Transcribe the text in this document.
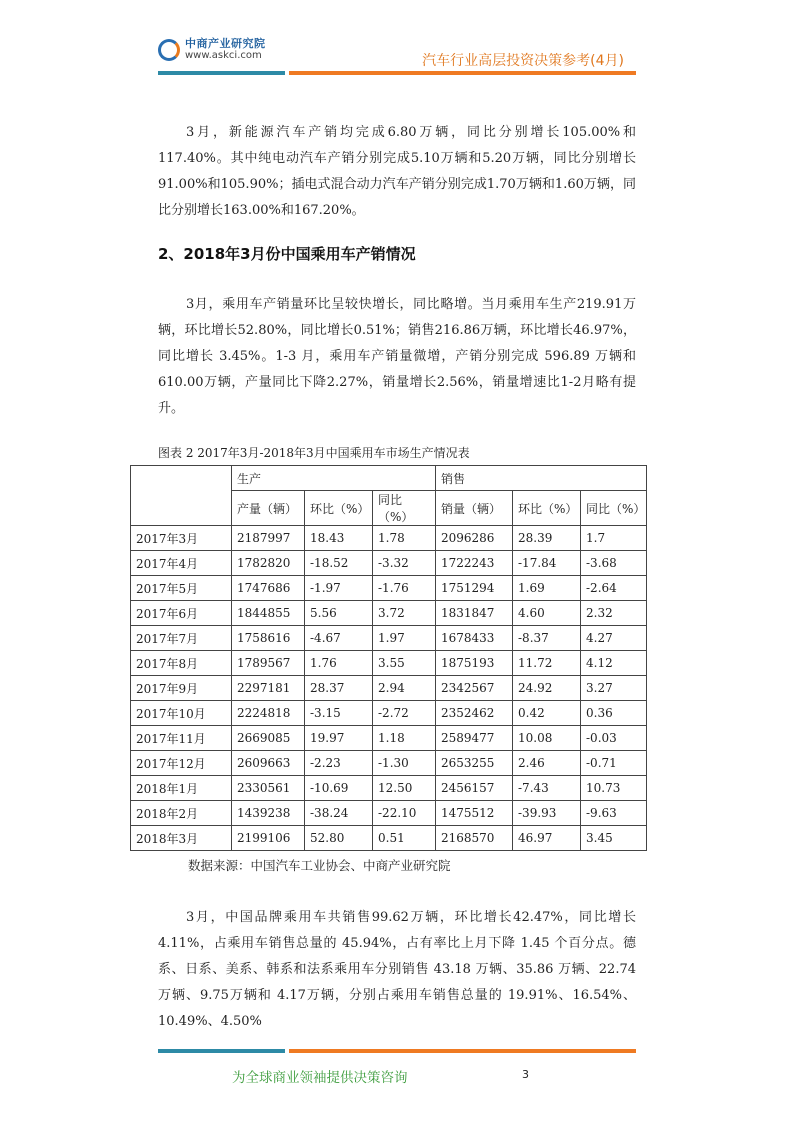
中商产业研究院
www.askci.com	汽车行业高层投资决策参考(4月)

3月，新能源汽车产销均完成6.80万辆，同比分别增长105.00%和117.40%。其中纯电动汽车产销分别完成5.10万辆和5.20万辆，同比分别增长91.00%和105.90%；插电式混合动力汽车产销分别完成1.70万辆和1.60万辆，同比分别增长163.00%和167.20%。

2、2018年3月份中国乘用车产销情况

3月，乘用车产销量环比呈较快增长，同比略增。当月乘用车生产219.91万辆，环比增长52.80%，同比增长0.51%；销售216.86万辆，环比增长46.97%，同比增长 3.45%。1-3 月，乘用车产销量微增，产销分别完成 596.89 万辆和610.00万辆，产量同比下降2.27%，销量增长2.56%，销量增速比1-2月略有提升。

图表 2 2017年3月-2018年3月中国乘用车市场生产情况表
	生产			销售		
	产量（辆）	环比（%）	同比（%）	销量（辆）	环比（%）	同比（%）
2017年3月	2187997	18.43	1.78	2096286	28.39	1.7
2017年4月	1782820	-18.52	-3.32	1722243	-17.84	-3.68
2017年5月	1747686	-1.97	-1.76	1751294	1.69	-2.64
2017年6月	1844855	5.56	3.72	1831847	4.60	2.32
2017年7月	1758616	-4.67	1.97	1678433	-8.37	4.27
2017年8月	1789567	1.76	3.55	1875193	11.72	4.12
2017年9月	2297181	28.37	2.94	2342567	24.92	3.27
2017年10月	2224818	-3.15	-2.72	2352462	0.42	0.36
2017年11月	2669085	19.97	1.18	2589477	10.08	-0.03
2017年12月	2609663	-2.23	-1.30	2653255	2.46	-0.71
2018年1月	2330561	-10.69	12.50	2456157	-7.43	10.73
2018年2月	1439238	-38.24	-22.10	1475512	-39.93	-9.63
2018年3月	2199106	52.80	0.51	2168570	46.97	3.45
数据来源：中国汽车工业协会、中商产业研究院

3月，中国品牌乘用车共销售99.62万辆，环比增长42.47%，同比增长4.11%，占乘用车销售总量的 45.94%，占有率比上月下降 1.45 个百分点。德系、日系、美系、韩系和法系乘用车分别销售 43.18 万辆、35.86 万辆、22.74 万辆、9.75万辆和 4.17万辆，分别占乘用车销售总量的 19.91%、16.54%、10.49%、4.50%

为全球商业领袖提供决策咨询	3
